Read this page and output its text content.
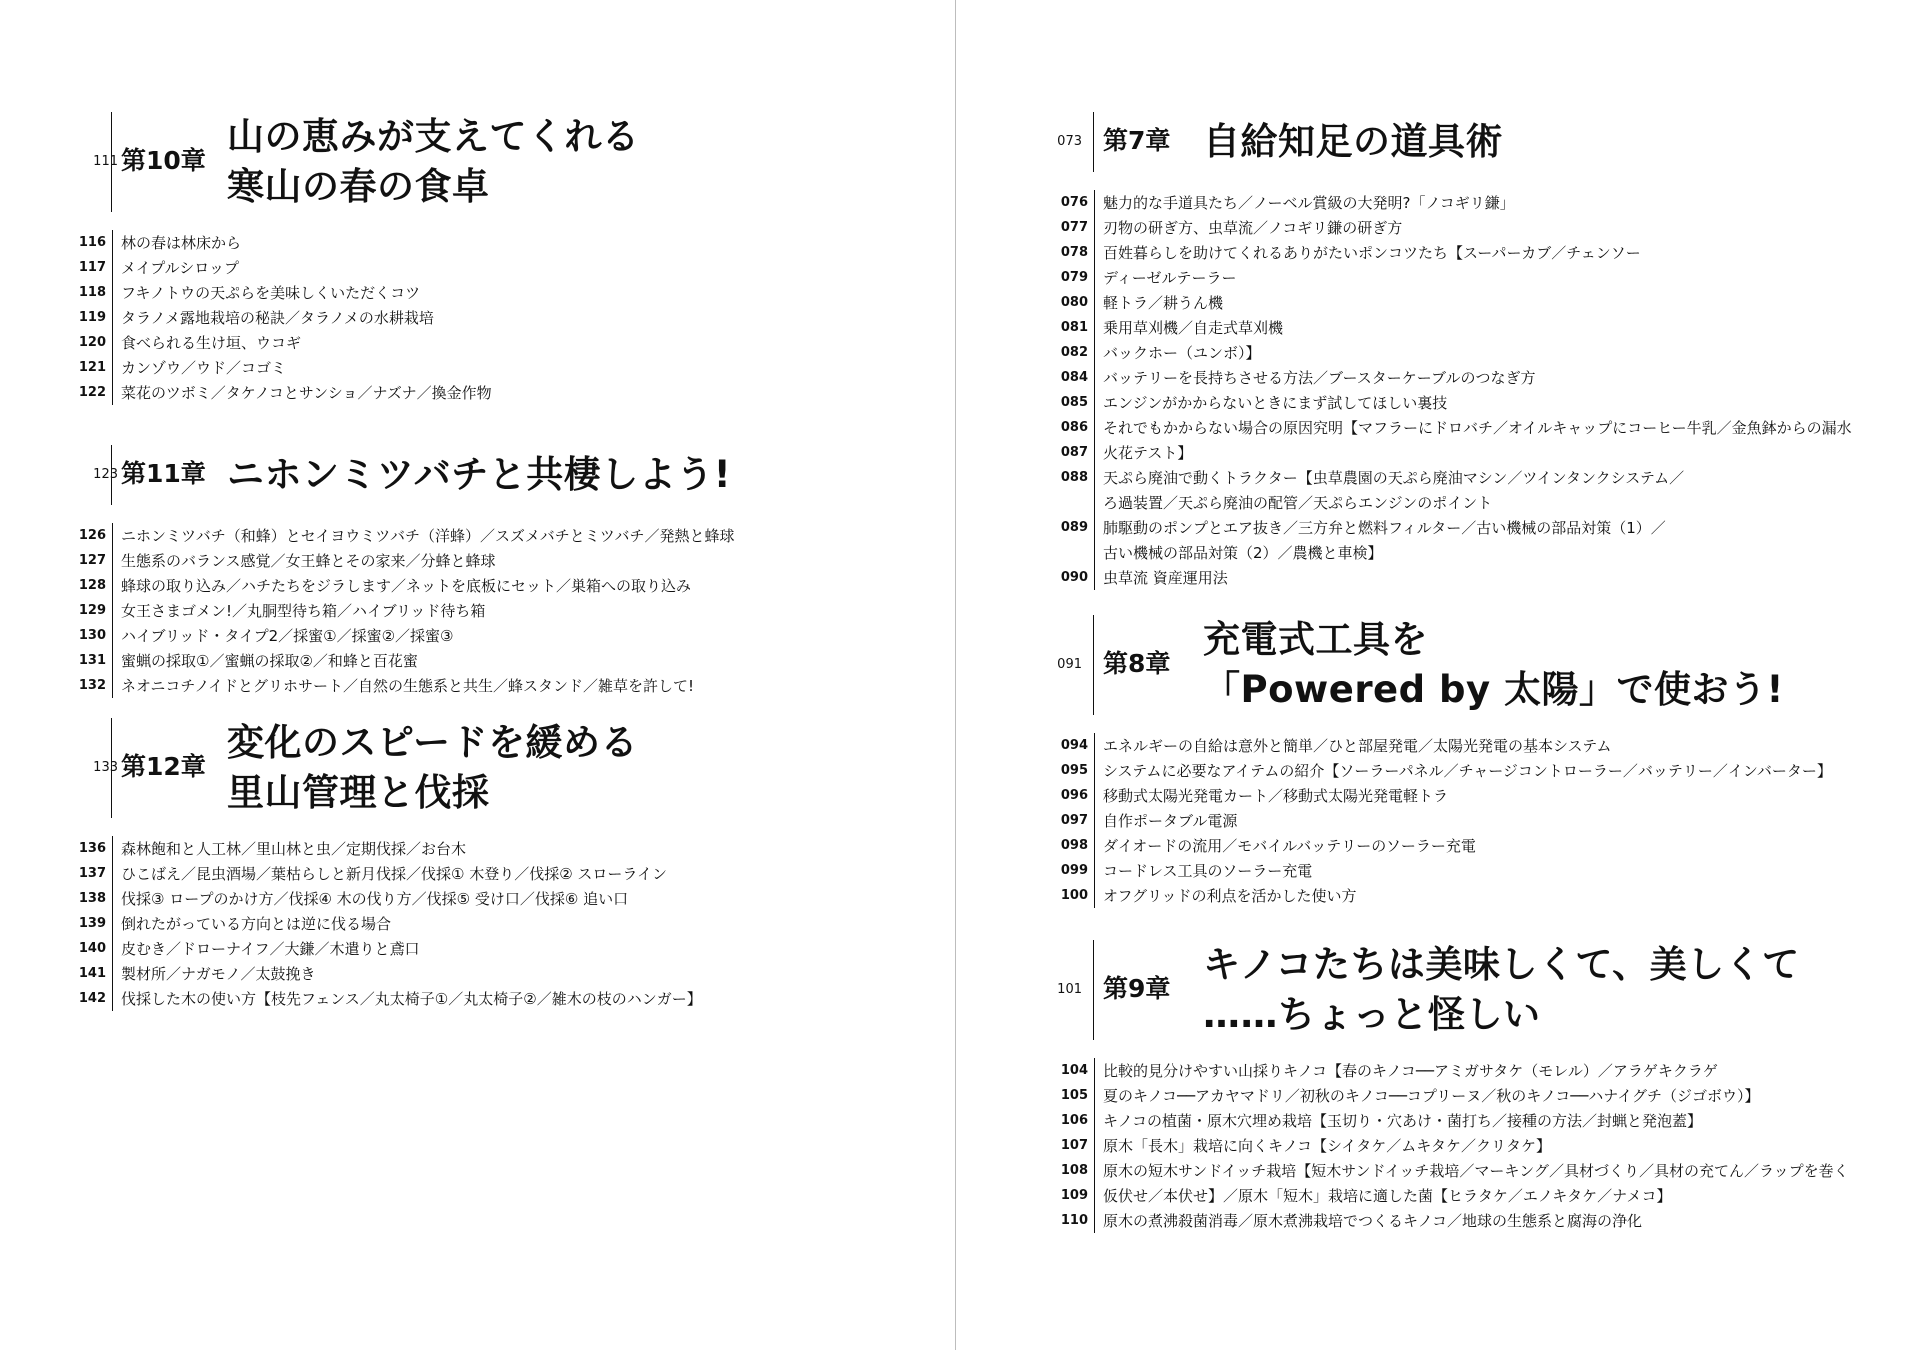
111 第10章
山の恵みが支えてくれる
寒山の春の食卓
116 林の春は林床から
117 メイプルシロップ
118 フキノトウの天ぷらを美味しくいただくコツ
119 タラノメ露地栽培の秘訣／タラノメの水耕栽培
120 食べられる生け垣、ウコギ
121 カンゾウ／ウド／コゴミ
122 菜花のツボミ／タケノコとサンショ／ナズナ／換金作物
123 第11章 ニホンミツバチと共棲しよう!
126 ニホンミツバチ（和蜂）とセイヨウミツバチ（洋蜂）／スズメバチとミツバチ／発熱と蜂球
127 生態系のバランス感覚／女王蜂とその家来／分蜂と蜂球
128 蜂球の取り込み／ハチたちをジラします／ネットを底板にセット／巣箱への取り込み
129 女王さまゴメン!／丸胴型待ち箱／ハイブリッド待ち箱
130 ハイブリッド・タイプ2／採蜜①／採蜜②／採蜜③
131 蜜蝋の採取①／蜜蝋の採取②／和蜂と百花蜜
132 ネオニコチノイドとグリホサート／自然の生態系と共生／蜂スタンド／雑草を許して!
133 第12章
変化のスピードを緩める
里山管理と伐採
136 森林飽和と人工林／里山林と虫／定期伐採／お台木
137 ひこばえ／昆虫酒場／葉枯らしと新月伐採／伐採① 木登り／伐採② スローライン
138 伐採③ ロープのかけ方／伐採④ 木の伐り方／伐採⑤ 受け口／伐採⑥ 追い口
139 倒れたがっている方向とは逆に伐る場合
140 皮むき／ドローナイフ／大鎌／木遣りと鳶口
141 製材所／ナガモノ／太鼓挽き
142 伐採した木の使い方【枝先フェンス／丸太椅子①／丸太椅子②／雑木の枝のハンガー】
073 第7章 自給知足の道具術
076 魅力的な手道具たち／ノーベル賞級の大発明?「ノコギリ鎌」
077 刃物の研ぎ方、虫草流／ノコギリ鎌の研ぎ方
078 百姓暮らしを助けてくれるありがたいポンコツたち【スーパーカブ／チェンソー
079 ディーゼルテーラー
080 軽トラ／耕うん機
081 乗用草刈機／自走式草刈機
082 バックホー（ユンボ）】
084 バッテリーを長持ちさせる方法／ブースターケーブルのつなぎ方
085 エンジンがかからないときにまず試してほしい裏技
086 それでもかからない場合の原因究明【マフラーにドロバチ／オイルキャップにコーヒー牛乳／金魚鉢からの漏水
087 火花テスト】
088 天ぷら廃油で動くトラクター【虫草農園の天ぷら廃油マシン／ツインタンクシステム／
ろ過装置／天ぷら廃油の配管／天ぷらエンジンのポイント
089 肺駆動のポンプとエア抜き／三方弁と燃料フィルター／古い機械の部品対策（1）／
古い機械の部品対策（2）／農機と車検】
090 虫草流 資産運用法
091 第8章
充電式工具を
「Powered by 太陽」で使おう!
094 エネルギーの自給は意外と簡単／ひと部屋発電／太陽光発電の基本システム
095 システムに必要なアイテムの紹介【ソーラーパネル／チャージコントローラー／バッテリー／インバーター】
096 移動式太陽光発電カート／移動式太陽光発電軽トラ
097 自作ポータブル電源
098 ダイオードの流用／モバイルバッテリーのソーラー充電
099 コードレス工具のソーラー充電
100 オフグリッドの利点を活かした使い方
101 第9章
キノコたちは美味しくて、美しくて
……ちょっと怪しい
104 比較的見分けやすい山採りキノコ【春のキノコ──アミガサタケ（モレル）／アラゲキクラゲ
105 夏のキノコ──アカヤマドリ／初秋のキノコ──コプリーヌ／秋のキノコ──ハナイグチ（ジゴボウ）】
106 キノコの植菌・原木穴埋め栽培【玉切り・穴あけ・菌打ち／接種の方法／封蝋と発泡蓋】
107 原木「長木」栽培に向くキノコ【シイタケ／ムキタケ／クリタケ】
108 原木の短木サンドイッチ栽培【短木サンドイッチ栽培／マーキング／具材づくり／具材の充てん／ラップを巻く
109 仮伏せ／本伏せ】／原木「短木」栽培に適した菌【ヒラタケ／エノキタケ／ナメコ】
110 原木の煮沸殺菌消毒／原木煮沸栽培でつくるキノコ／地球の生態系と腐海の浄化
